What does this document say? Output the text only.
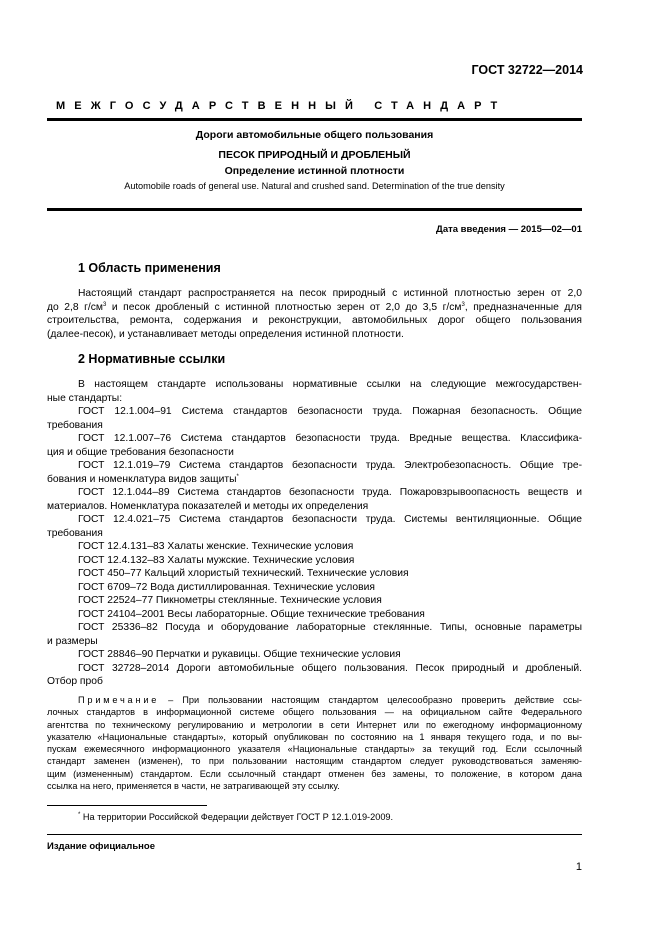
ГОСТ 32722—2014
МЕЖГОСУДАРСТВЕННЫЙ СТАНДАРТ
Дороги автомобильные общего пользования
ПЕСОК ПРИРОДНЫЙ И ДРОБЛЕНЫЙ
Определение истинной плотности
Automobile roads of general use. Natural and crushed sand. Determination of the true density
Дата введения — 2015—02—01
1 Область применения

Настоящий стандарт распространяется на песок природный с истинной плотностью зерен от 2,0
до 2,8 $г/см^3$ и песок дробленый с истинной плотностью зерен от 2,0 до 3,5 $г/см^3$, предназначенные для
строительства, ремонта, содержания и реконструкции, автомобильных дорог общего пользования
(далее-песок), и устанавливает методы определения истинной плотности.

2 Нормативные ссылки

В настоящем стандарте использованы нормативные ссылки на следующие межгосударствен-
ные стандарты:

ГОСТ 12.1.004–91 Система стандартов безопасности труда. Пожарная безопасность. Общие
требования

ГОСТ 12.1.007–76 Система стандартов безопасности труда. Вредные вещества. Классифика-
ция и общие требования безопасности

ГОСТ 12.1.019–79 Система стандартов безопасности труда. Электробезопасность. Общие тре-
бования и номенклатура видов защиты*

ГОСТ 12.1.044–89 Система стандартов безопасности труда. Пожаровзрывоопасность веществ и
материалов. Номенклатура показателей и методы их определения

ГОСТ 12.4.021–75 Система стандартов безопасности труда. Системы вентиляционные. Общие
требования

ГОСТ 12.4.131–83 Халаты женские. Технические условия

ГОСТ 12.4.132–83 Халаты мужские. Технические условия

ГОСТ 450–77 Кальций хлористый технический. Технические условия

ГОСТ 6709–72 Вода дистиллированная. Технические условия

ГОСТ 22524–77 Пикнометры стеклянные. Технические условия

ГОСТ 24104–2001 Весы лабораторные. Общие технические требования

ГОСТ 25336–82 Посуда и оборудование лабораторные стеклянные. Типы, основные параметры
и размеры

ГОСТ 28846–90 Перчатки и рукавицы. Общие технические условия

ГОСТ 32728–2014 Дороги автомобильные общего пользования. Песок природный и дробленый.
Отбор проб

Примечание – При пользовании настоящим стандартом целесообразно проверить действие ссы-
лочных стандартов в информационной системе общего пользования — на официальном сайте Федерального
агентства по техническому регулированию и метрологии в сети Интернет или по ежегодному информационному
указателю «Национальные стандарты», который опубликован по состоянию на 1 января текущего года, и по вы-
пускам ежемесячного информационного указателя «Национальные стандарты» за текущий год. Если ссылочный
стандарт заменен (изменен), то при пользовании настоящим стандартом следует руководствоваться заменяю-
щим (измененным) стандартом. Если ссылочный стандарт отменен без замены, то положение, в котором дана
ссылка на него, применяется в части, не затрагивающей эту ссылку.
* На территории Российской Федерации действует ГОСТ Р 12.1.019-2009.
Издание официальное
1
